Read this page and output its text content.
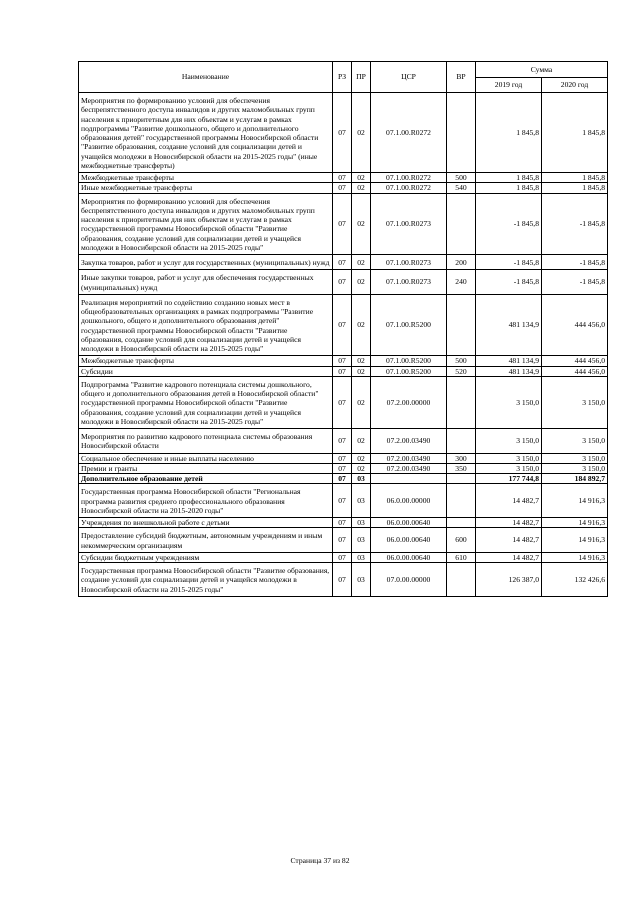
Наименование	РЗ	ПР	ЦСР	ВР	Сумма	
					2019 год	2020 год
Мероприятия по формированию условий для обеспечения беспрепятственного доступа инвалидов и других маломобильных групп населения к приоритетным для них объектам и услугам в рамках подпрограммы "Развитие дошкольного, общего и дополнительного образования детей" государственной программы Новосибирской области "Развитие образования, создание условий для социализации детей и учащейся молодежи в Новосибирской области на 2015-2025 годы" (иные межбюджетные трансферты)	07	02	07.1.00.R0272		1 845,8	1 845,8
Межбюджетные трансферты	07	02	07.1.00.R0272	500	1 845,8	1 845,8
Иные межбюджетные трансферты	07	02	07.1.00.R0272	540	1 845,8	1 845,8
Мероприятия по формированию условий для обеспечения беспрепятственного доступа инвалидов и других маломобильных групп населения к приоритетным для них объектам и услугам в рамках государственной программы Новосибирской области "Развитие образования, создание условий для социализации детей и учащейся молодежи в Новосибирской области на 2015-2025 годы"	07	02	07.1.00.R0273		-1 845,8	-1 845,8
Закупка товаров, работ и услуг для государственных (муниципальных) нужд	07	02	07.1.00.R0273	200	-1 845,8	-1 845,8
Иные закупки товаров, работ и услуг для обеспечения государственных (муниципальных) нужд	07	02	07.1.00.R0273	240	-1 845,8	-1 845,8
Реализация мероприятий по содействию созданию новых мест в общеобразовательных организациях в рамках подпрограммы "Развитие дошкольного, общего и дополнительного образования детей" государственной программы Новосибирской области "Развитие образования, создание условий для социализации детей и учащейся молодежи в Новосибирской области на 2015-2025 годы"	07	02	07.1.00.R5200		481 134,9	444 456,0
Межбюджетные трансферты	07	02	07.1.00.R5200	500	481 134,9	444 456,0
Субсидии	07	02	07.1.00.R5200	520	481 134,9	444 456,0
Подпрограмма "Развитие кадрового потенциала системы дошкольного, общего и дополнительного образования детей в Новосибирской области" государственной программы Новосибирской области "Развитие образования, создание условий для социализации детей и учащейся молодежи в Новосибирской области на 2015-2025 годы"	07	02	07.2.00.00000		3 150,0	3 150,0
Мероприятия по развитию кадрового потенциала системы образования Новосибирской области	07	02	07.2.00.03490		3 150,0	3 150,0
Социальное обеспечение и иные выплаты населению	07	02	07.2.00.03490	300	3 150,0	3 150,0
Премии и гранты	07	02	07.2.00.03490	350	3 150,0	3 150,0
Дополнительное образование детей	07	03			177 744,8	184 892,7
Государственная программа Новосибирской области "Региональная программа развития среднего профессионального образования Новосибирской области на 2015-2020 годы"	07	03	06.0.00.00000		14 482,7	14 916,3
Учреждения по внешкольной работе с детьми	07	03	06.0.00.00640		14 482,7	14 916,3
Предоставление субсидий бюджетным, автономным учреждениям и иным некоммерческим организациям	07	03	06.0.00.00640	600	14 482,7	14 916,3
Субсидии бюджетным учреждениям	07	03	06.0.00.00640	610	14 482,7	14 916,3
Государственная программа Новосибирской области "Развитие образования, создание условий для социализации детей и учащейся молодежи в Новосибирской области на 2015-2025 годы"	07	03	07.0.00.00000		126 387,0	132 426,6
Страница 37 из 82
